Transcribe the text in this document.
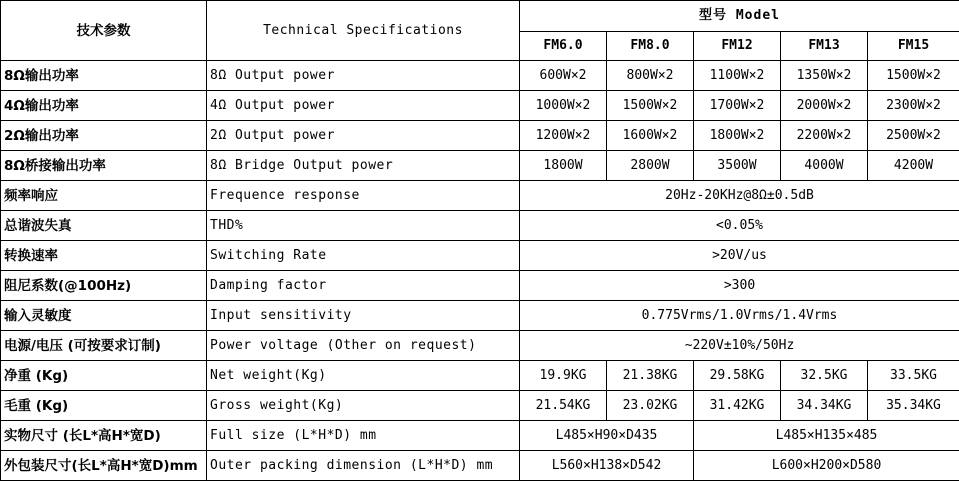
技术参数	Technical Specifications	型号 Model				
		FM6.0	FM8.0	FM12	FM13	FM15
8Ω输出功率	8Ω Output power	600W×2	800W×2	1100W×2	1350W×2	1500W×2
4Ω输出功率	4Ω Output power	1000W×2	1500W×2	1700W×2	2000W×2	2300W×2
2Ω输出功率	2Ω Output power	1200W×2	1600W×2	1800W×2	2200W×2	2500W×2
8Ω桥接输出功率	8Ω Bridge Output power	1800W	2800W	3500W	4000W	4200W
频率响应	Frequence response	20Hz-20KHz@8Ω±0.5dB				
总谐波失真	THD%	<0.05%				
转换速率	Switching Rate	>20V/us				
阻尼系数(@100Hz)	Damping factor	>300				
输入灵敏度	Input sensitivity	0.775Vrms/1.0Vrms/1.4Vrms				
电源/电压 (可按要求订制)	Power voltage (Other on request)	~220V±10%/50Hz				
净重 (Kg)	Net weight(Kg)	19.9KG	21.38KG	29.58KG	32.5KG	33.5KG
毛重 (Kg)	Gross weight(Kg)	21.54KG	23.02KG	31.42KG	34.34KG	35.34KG
实物尺寸 (长L*高H*宽D)	Full size (L*H*D) mm	L485×H90×D435		L485×H135×485		
外包装尺寸(长L*高H*宽D)mm	Outer packing dimension (L*H*D) mm	L560×H138×D542		L600×H200×D580		
